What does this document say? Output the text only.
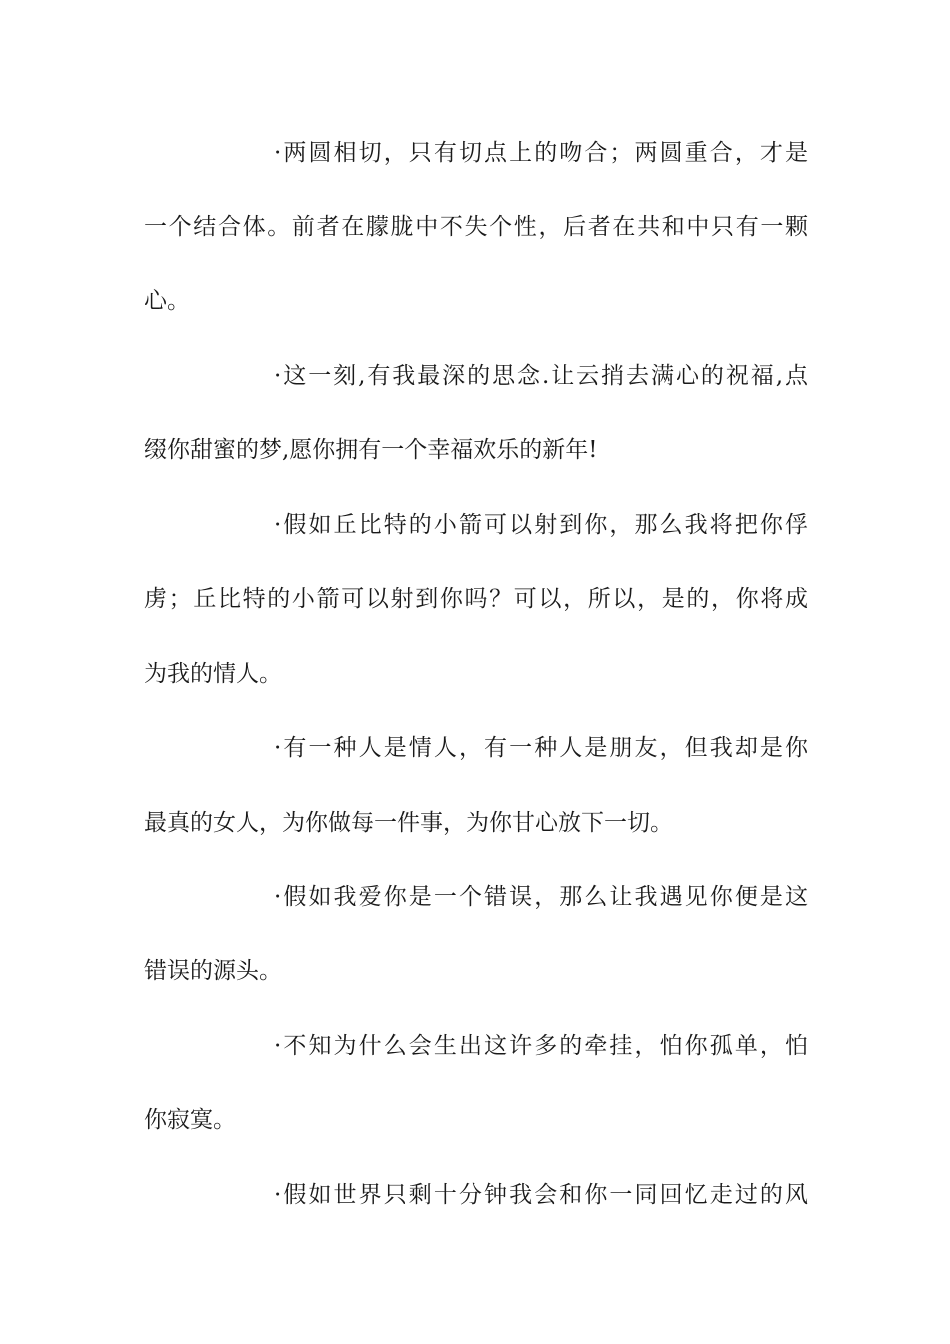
·两圆相切，只有切点上的吻合；两圆重合，才是
一个结合体。前者在朦胧中不失个性，后者在共和中只有一颗
心。
·这一刻,有我最深的思念.让云捎去满心的祝福,点
缀你甜蜜的梦,愿你拥有一个幸福欢乐的新年!
·假如丘比特的小箭可以射到你，那么我将把你俘
虏；丘比特的小箭可以射到你吗？可以，所以，是的，你将成
为我的情人。
·有一种人是情人，有一种人是朋友，但我却是你
最真的女人，为你做每一件事，为你甘心放下一切。
·假如我爱你是一个错误，那么让我遇见你便是这
错误的源头。
·不知为什么会生出这许多的牵挂，怕你孤单，怕
你寂寞。
·假如世界只剩十分钟我会和你一同回忆走过的风
